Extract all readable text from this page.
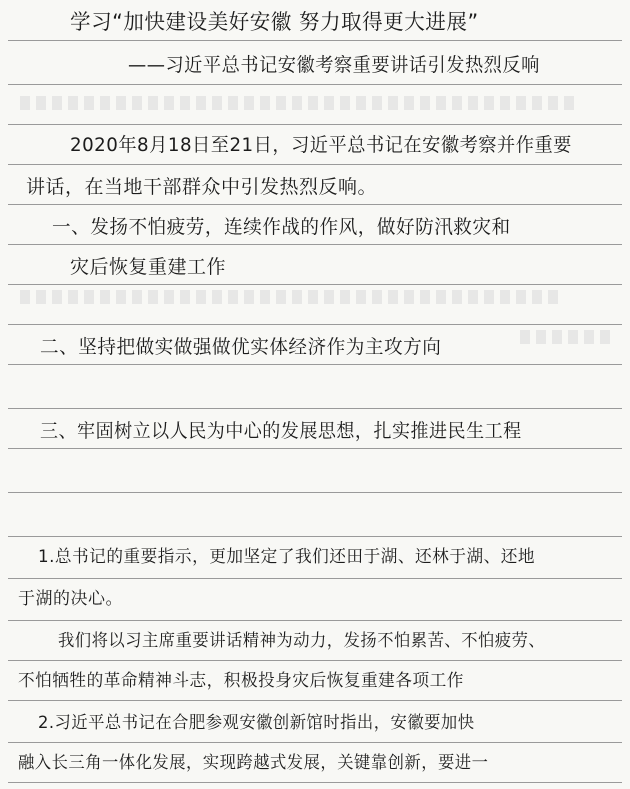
学习“加快建设美好安徽 努力取得更大进展”
——习近平总书记安徽考察重要讲话引发热烈反响
2020年8月18日至21日，习近平总书记在安徽考察并作重要
讲话，在当地干部群众中引发热烈反响。
一、发扬不怕疲劳，连续作战的作风，做好防汛救灾和
灾后恢复重建工作
二、坚持把做实做强做优实体经济作为主攻方向
三、牢固树立以人民为中心的发展思想，扎实推进民生工程
1.总书记的重要指示，更加坚定了我们还田于湖、还林于湖、还地
于湖的决心。
我们将以习主席重要讲话精神为动力，发扬不怕累苦、不怕疲劳、
不怕牺牲的革命精神斗志，积极投身灾后恢复重建各项工作
2.习近平总书记在合肥参观安徽创新馆时指出，安徽要加快
融入长三角一体化发展，实现跨越式发展，关键靠创新，要进一
